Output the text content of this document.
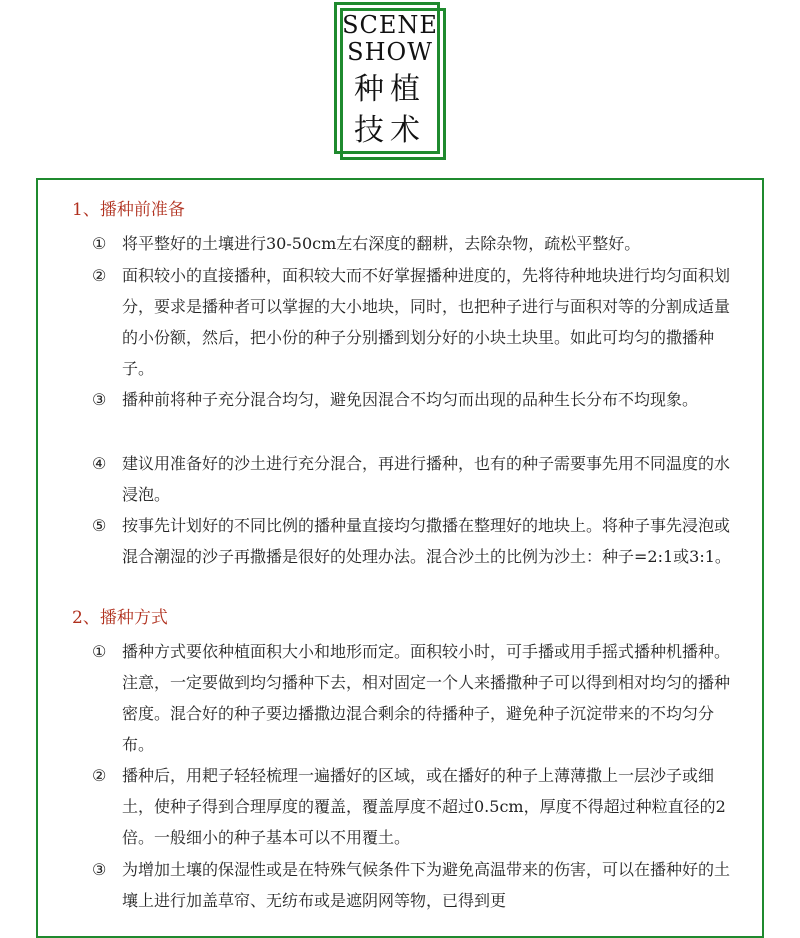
SCENE
SHOW
种植
技术
1、播种前准备
① 将平整好的土壤进行30-50cm左右深度的翻耕，去除杂物，疏松平整好。
② 面积较小的直接播种，面积较大而不好掌握播种进度的，先将待种地块进行均匀面积划分，要求是播种者可以掌握的大小地块，同时，也把种子进行与面积对等的分割成适量的小份额，然后，把小份的种子分别播到划分好的小块土块里。如此可均匀的撒播种子。
③ 播种前将种子充分混合均匀，避免因混合不均匀而出现的品种生长分布不均现象。
④ 建议用准备好的沙土进行充分混合，再进行播种，也有的种子需要事先用不同温度的水浸泡。
⑤ 按事先计划好的不同比例的播种量直接均匀撒播在整理好的地块上。将种子事先浸泡或混合潮湿的沙子再撒播是很好的处理办法。混合沙土的比例为沙土：种子=2:1或3:1。
2、播种方式
① 播种方式要依种植面积大小和地形而定。面积较小时，可手播或用手摇式播种机播种。注意，一定要做到均匀播种下去，相对固定一个人来播撒种子可以得到相对均匀的播种密度。混合好的种子要边播撒边混合剩余的待播种子，避免种子沉淀带来的不均匀分布。
② 播种后，用耙子轻轻梳理一遍播好的区域，或在播好的种子上薄薄撒上一层沙子或细土，使种子得到合理厚度的覆盖，覆盖厚度不超过0.5cm，厚度不得超过种粒直径的2倍。一般细小的种子基本可以不用覆土。
③ 为增加土壤的保湿性或是在特殊气候条件下为避免高温带来的伤害，可以在播种好的土壤上进行加盖草帘、无纺布或是遮阴网等物，已得到更
